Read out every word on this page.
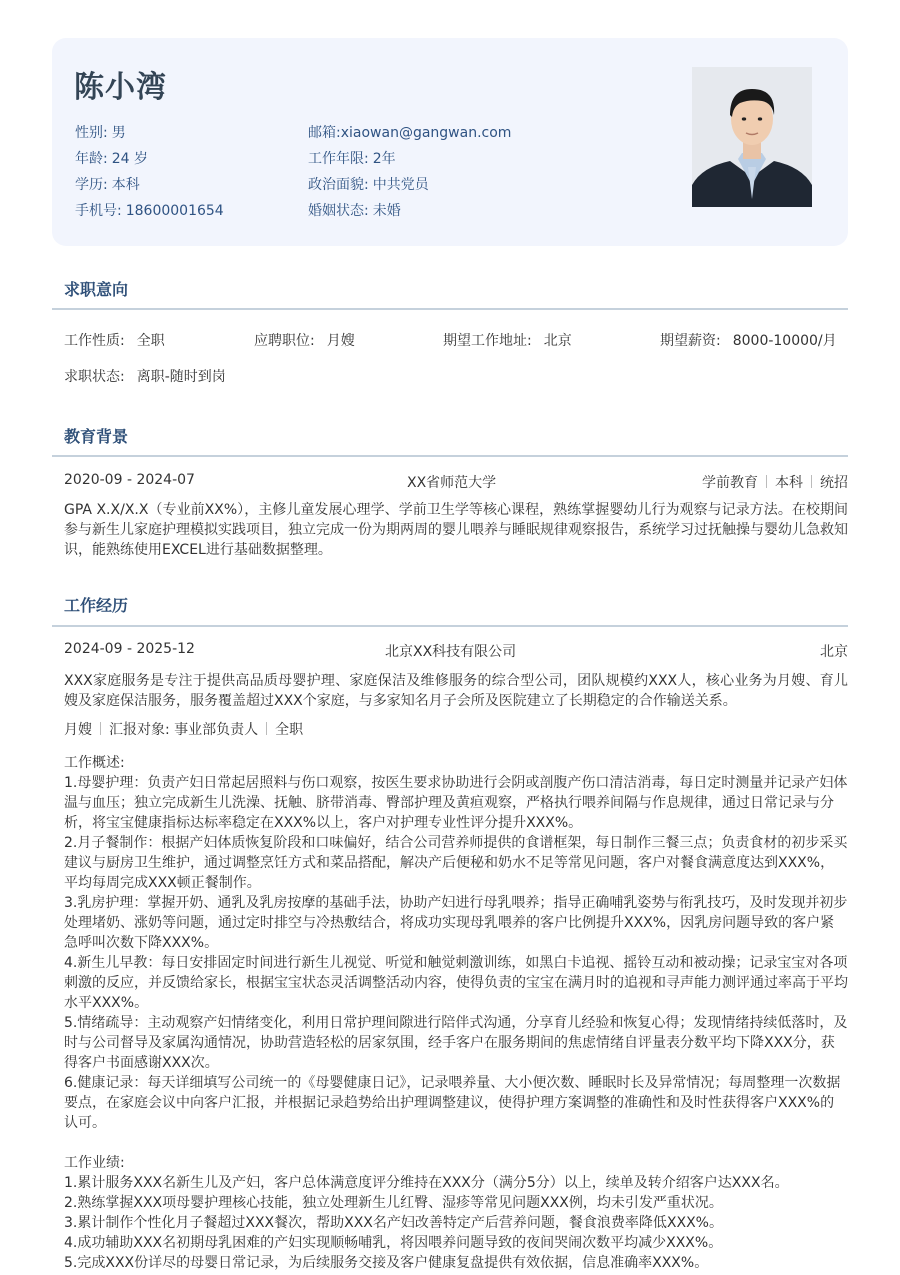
陈小湾
性别: 男
年龄: 24 岁
学历: 本科
手机号: 18600001654
邮箱:xiaowan@gangwan.com
工作年限: 2年
政治面貌: 中共党员
婚姻状态: 未婚
求职意向
工作性质: 全职	应聘职位: 月嫂	期望工作地址: 北京	期望薪资: 8000-10000/月
求职状态: 离职-随时到岗
教育背景
2020-09 - 2024-07	XX省师范大学	学前教育 本科 统招
GPA X.X/X.X（专业前XX%），主修儿童发展心理学、学前卫生学等核心课程，熟练掌握婴幼儿行为观察与记录方法。在校期间参与新生儿家庭护理模拟实践项目，独立完成一份为期两周的婴儿喂养与睡眠规律观察报告，系统学习过抚触操与婴幼儿急救知识，能熟练使用EXCEL进行基础数据整理。
工作经历
2024-09 - 2025-12	北京XX科技有限公司	北京
XXX家庭服务是专注于提供高品质母婴护理、家庭保洁及维修服务的综合型公司，团队规模约XXX人，核心业务为月嫂、育儿嫂及家庭保洁服务，服务覆盖超过XXX个家庭，与多家知名月子会所及医院建立了长期稳定的合作输送关系。
月嫂 汇报对象: 事业部负责人 全职
工作概述:
1.母婴护理：负责产妇日常起居照料与伤口观察，按医生要求协助进行会阴或剖腹产伤口清洁消毒，每日定时测量并记录产妇体温与血压；独立完成新生儿洗澡、抚触、脐带消毒、臀部护理及黄疸观察，严格执行喂养间隔与作息规律，通过日常记录与分析，将宝宝健康指标达标率稳定在XXX%以上，客户对护理专业性评分提升XXX%。
2.月子餐制作：根据产妇体质恢复阶段和口味偏好，结合公司营养师提供的食谱框架，每日制作三餐三点；负责食材的初步采买建议与厨房卫生维护，通过调整烹饪方式和菜品搭配，解决产后便秘和奶水不足等常见问题，客户对餐食满意度达到XXX%，平均每周完成XXX顿正餐制作。
3.乳房护理：掌握开奶、通乳及乳房按摩的基础手法，协助产妇进行母乳喂养；指导正确哺乳姿势与衔乳技巧，及时发现并初步处理堵奶、涨奶等问题，通过定时排空与冷热敷结合，将成功实现母乳喂养的客户比例提升XXX%，因乳房问题导致的客户紧急呼叫次数下降XXX%。
4.新生儿早教：每日安排固定时间进行新生儿视觉、听觉和触觉刺激训练，如黑白卡追视、摇铃互动和被动操；记录宝宝对各项刺激的反应，并反馈给家长，根据宝宝状态灵活调整活动内容，使得负责的宝宝在满月时的追视和寻声能力测评通过率高于平均水平XXX%。
5.情绪疏导：主动观察产妇情绪变化，利用日常护理间隙进行陪伴式沟通，分享育儿经验和恢复心得；发现情绪持续低落时，及时与公司督导及家属沟通情况，协助营造轻松的居家氛围，经手客户在服务期间的焦虑情绪自评量表分数平均下降XXX分，获得客户书面感谢XXX次。
6.健康记录：每天详细填写公司统一的《母婴健康日记》，记录喂养量、大小便次数、睡眠时长及异常情况；每周整理一次数据要点，在家庭会议中向客户汇报，并根据记录趋势给出护理调整建议，使得护理方案调整的准确性和及时性获得客户XXX%的认可。
工作业绩:
1.累计服务XXX名新生儿及产妇，客户总体满意度评分维持在XXX分（满分5分）以上，续单及转介绍客户达XXX名。
2.熟练掌握XXX项母婴护理核心技能，独立处理新生儿红臀、湿疹等常见问题XXX例，均未引发严重状况。
3.累计制作个性化月子餐超过XXX餐次，帮助XXX名产妇改善特定产后营养问题，餐食浪费率降低XXX%。
4.成功辅助XXX名初期母乳困难的产妇实现顺畅哺乳，将因喂养问题导致的夜间哭闹次数平均减少XXX%。
5.完成XXX份详尽的母婴日常记录，为后续服务交接及客户健康复盘提供有效依据，信息准确率XXX%。
